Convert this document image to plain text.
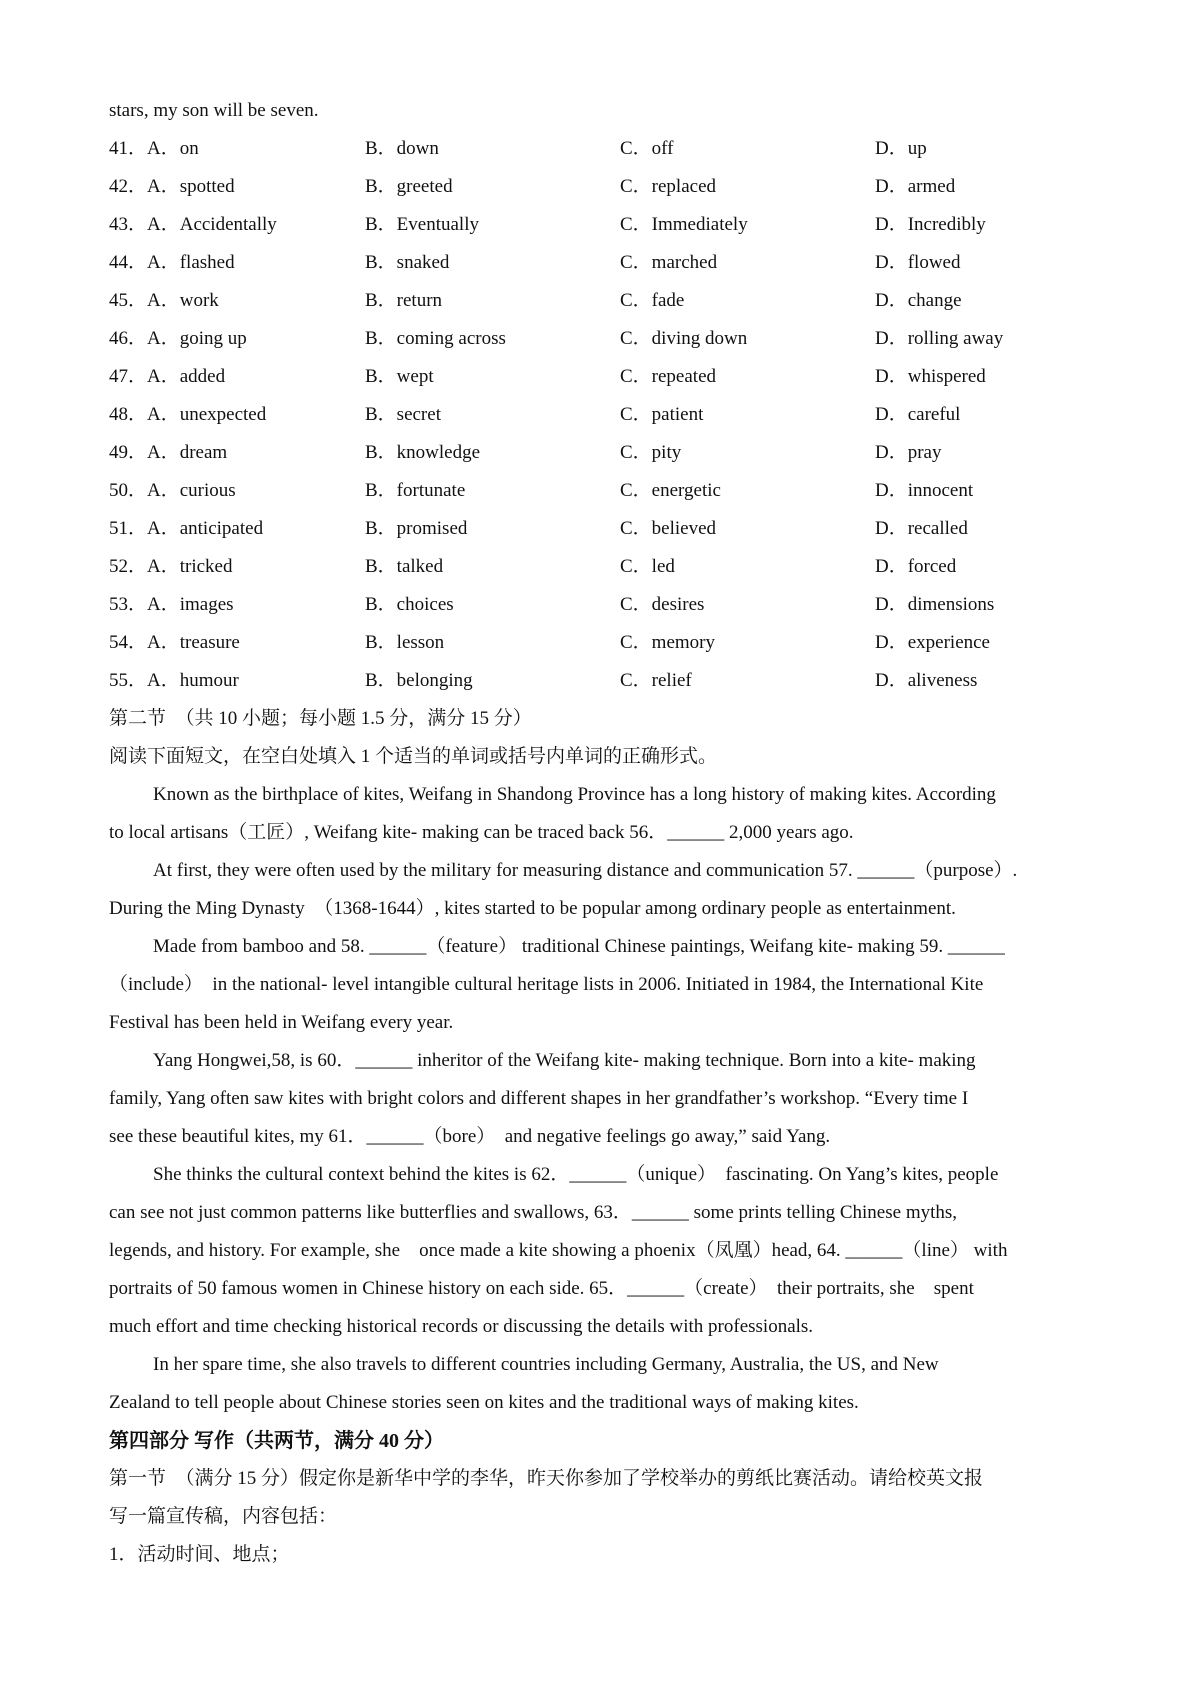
stars, my son will be seven.
41．A．on	B．down	C．off	D．up
42．A．spotted	B．greeted	C．replaced	D．armed
43．A．Accidentally	B．Eventually	C．Immediately	D．Incredibly
44．A．flashed	B．snaked	C．marched	D．flowed
45．A．work	B．return	C．fade	D．change
46．A．going up	B．coming across	C．diving down	D．rolling away
47．A．added	B．wept	C．repeated	D．whispered
48．A．unexpected	B．secret	C．patient	D．careful
49．A．dream	B．knowledge	C．pity	D．pray
50．A．curious	B．fortunate	C．energetic	D．innocent
51．A．anticipated	B．promised	C．believed	D．recalled
52．A．tricked	B．talked	C．led	D．forced
53．A．images	B．choices	C．desires	D．dimensions
54．A．treasure	B．lesson	C．memory	D．experience
55．A．humour	B．belonging	C．relief	D．aliveness
第二节　（共 10 小题；每小题 1.5 分，满分 15 分）
阅读下面短文，在空白处填入 1 个适当的单词或括号内单词的正确形式。
Known as the birthplace of kites, Weifang in Shandong Province has a long history of making kites. According
to local artisans（工匠）, Weifang kite- making can be traced back 56．______ 2,000 years ago.
At first, they were often used by the military for measuring distance and communication 57. ______（purpose）.
During the Ming Dynasty　（1368-1644）, kites started to be popular among ordinary people as entertainment.
Made from bamboo and 58. ______（feature） traditional Chinese paintings, Weifang kite- making 59. ______
（include）　in the national- level intangible cultural heritage lists in 2006. Initiated in 1984, the International Kite
Festival has been held in Weifang every year.
Yang Hongwei,58, is 60．______ inheritor of the Weifang kite- making technique. Born into a kite- making
family, Yang often saw kites with bright colors and different shapes in her grandfather’s workshop. “Every time I
see these beautiful kites, my 61．______（bore）　and negative feelings go away,” said Yang.
She thinks the cultural context behind the kites is 62．______（unique）　fascinating. On Yang’s kites, people
can see not just common patterns like butterflies and swallows, 63．______ some prints telling Chinese myths,
legends, and history. For example, she　once made a kite showing a phoenix（凤凰）head, 64. ______（line） with
portraits of 50 famous women in Chinese history on each side. 65．______（create）　their portraits, she　spent
much effort and time checking historical records or discussing the details with professionals.
In her spare time, she also travels to different countries including Germany, Australia, the US, and New
Zealand to tell people about Chinese stories seen on kites and the traditional ways of making kites.
第四部分 写作（共两节，满分 40 分）
第一节　（满分 15 分）假定你是新华中学的李华，昨天你参加了学校举办的剪纸比赛活动。请给校英文报
写一篇宣传稿，内容包括：
1．活动时间、地点；
